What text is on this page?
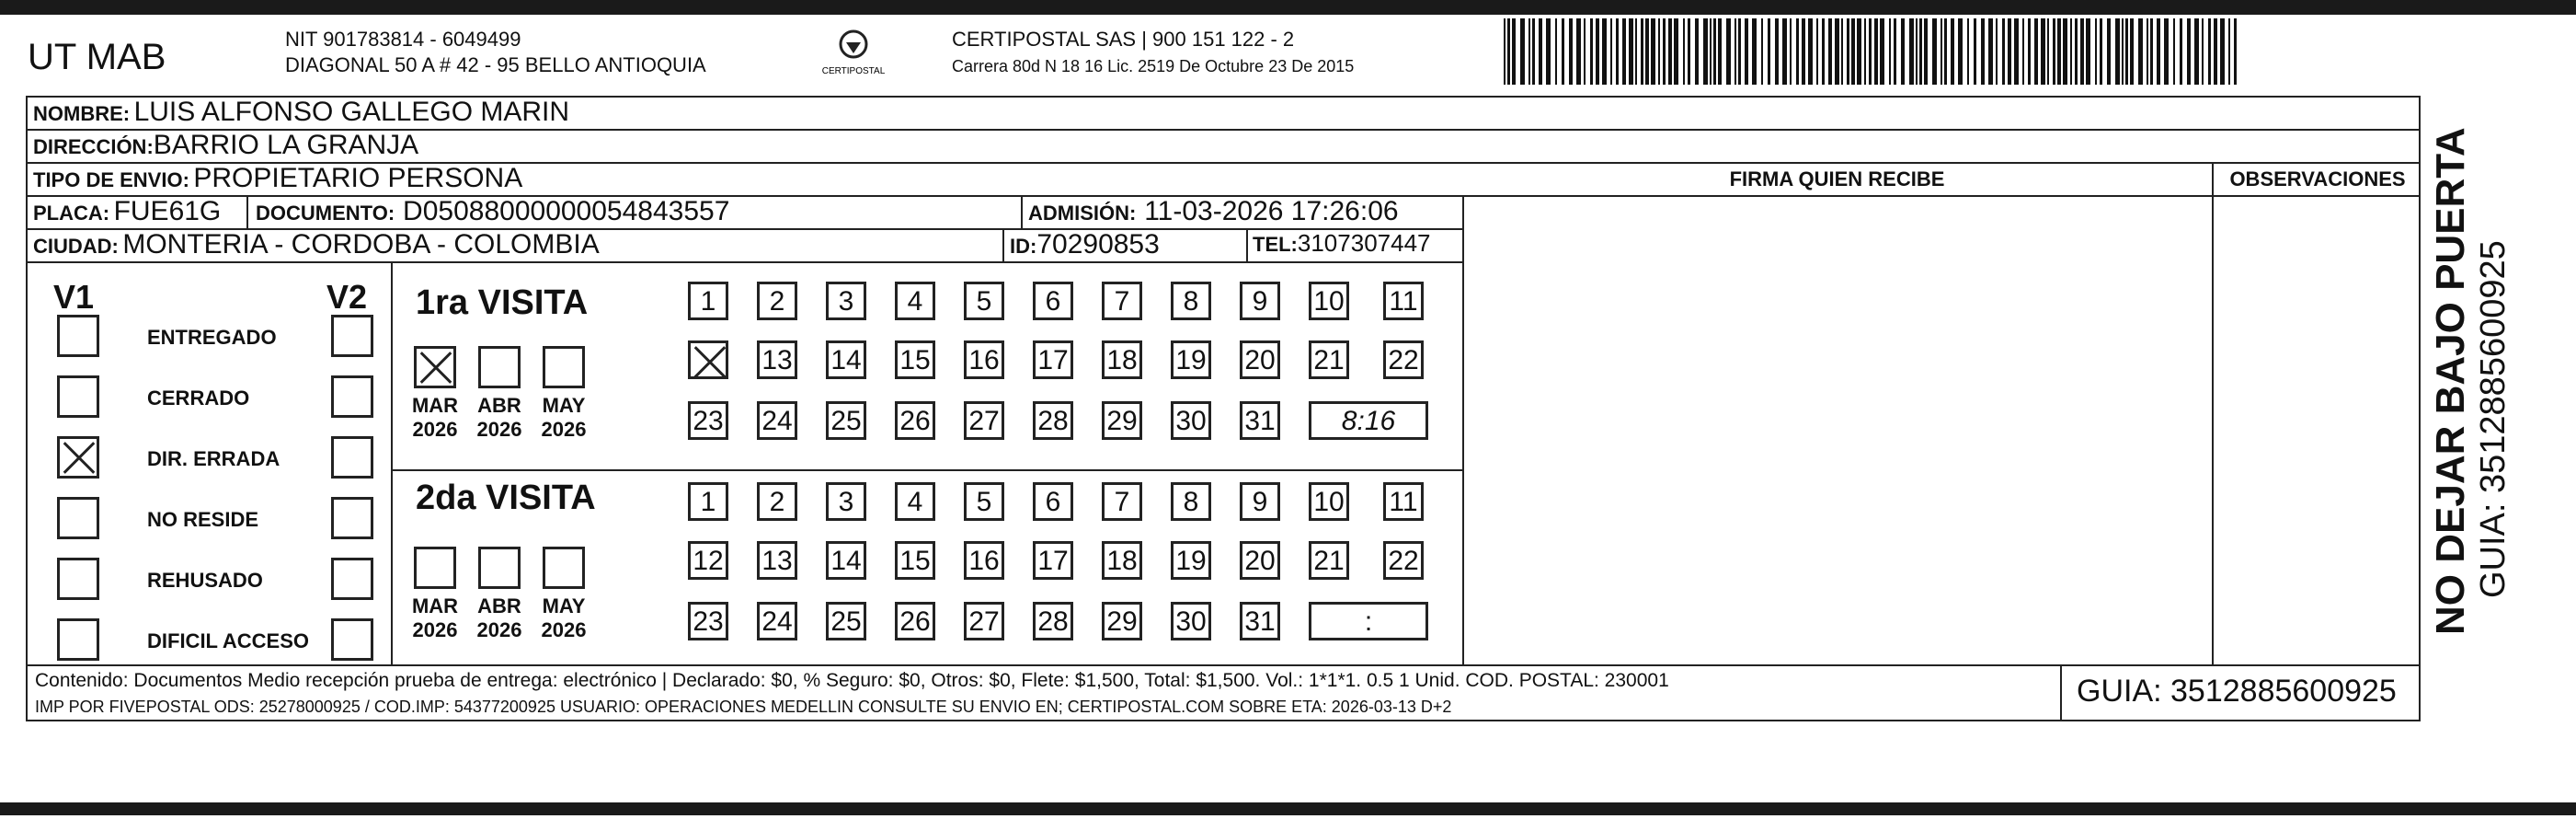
UT MAB	NIT 901783814 - 6049499
DIAGONAL 50 A # 42 - 95 BELLO ANTIOQUIA	CERTIPOSTAL
CERTIPOSTAL SAS | 900 151 122 - 2
Carrera 80d N 18 16 Lic. 2519 De Octubre 23 De 2015
NOMBRE: LUIS ALFONSO GALLEGO MARIN
DIRECCIÓN:BARRIO LA GRANJA
TIPO DE ENVIO: PROPIETARIO PERSONA
PLACA: FUE61G DOCUMENTO: D05088000000054843557	ADMISIÓN: 11-03-2026 17:26:06
CIUDAD: MONTERIA - CORDOBA - COLOMBIA	ID:70290853	TEL:3107307447
FIRMA QUIEN RECIBE	OBSERVACIONES
V1	V2
ENTREGADO
CERRADO
DIR. ERRADA
NO RESIDE
REHUSADO
DIFICIL ACCESO
1ra VISITA
2da VISITA
MAR
2026
ABR
2026
MAY
2026
1	2	3	4	5	6	7	8	9	10 11
13 14 15 16 17 18 19 20 21 22
23 24 25 26 27 28 29 30 31	8:16
MAR
2026
ABR
2026
MAY
2026
1	2	3	4	5	6	7	8	9	10 11
12 13 14 15 16 17 18 19 20 21 22
23 24 25 26 27 28 29 30 31	:
Contenido: Documentos Medio recepción prueba de entrega: electrónico | Declarado: $0, % Seguro: $0, Otros: $0, Flete: $1,500, Total: $1,500. Vol.: 1*1*1. 0.5 1 Unid. COD. POSTAL: 230001
IMP POR FIVEPOSTAL ODS: 25278000925 / COD.IMP: 54377200925 USUARIO: OPERACIONES MEDELLIN CONSULTE SU ENVIO EN; CERTIPOSTAL.COM SOBRE ETA: 2026-03-13 D+2	GUIA: 3512885600925
NO DEJAR BAJO PUERTA GUIA: 3512885600925
